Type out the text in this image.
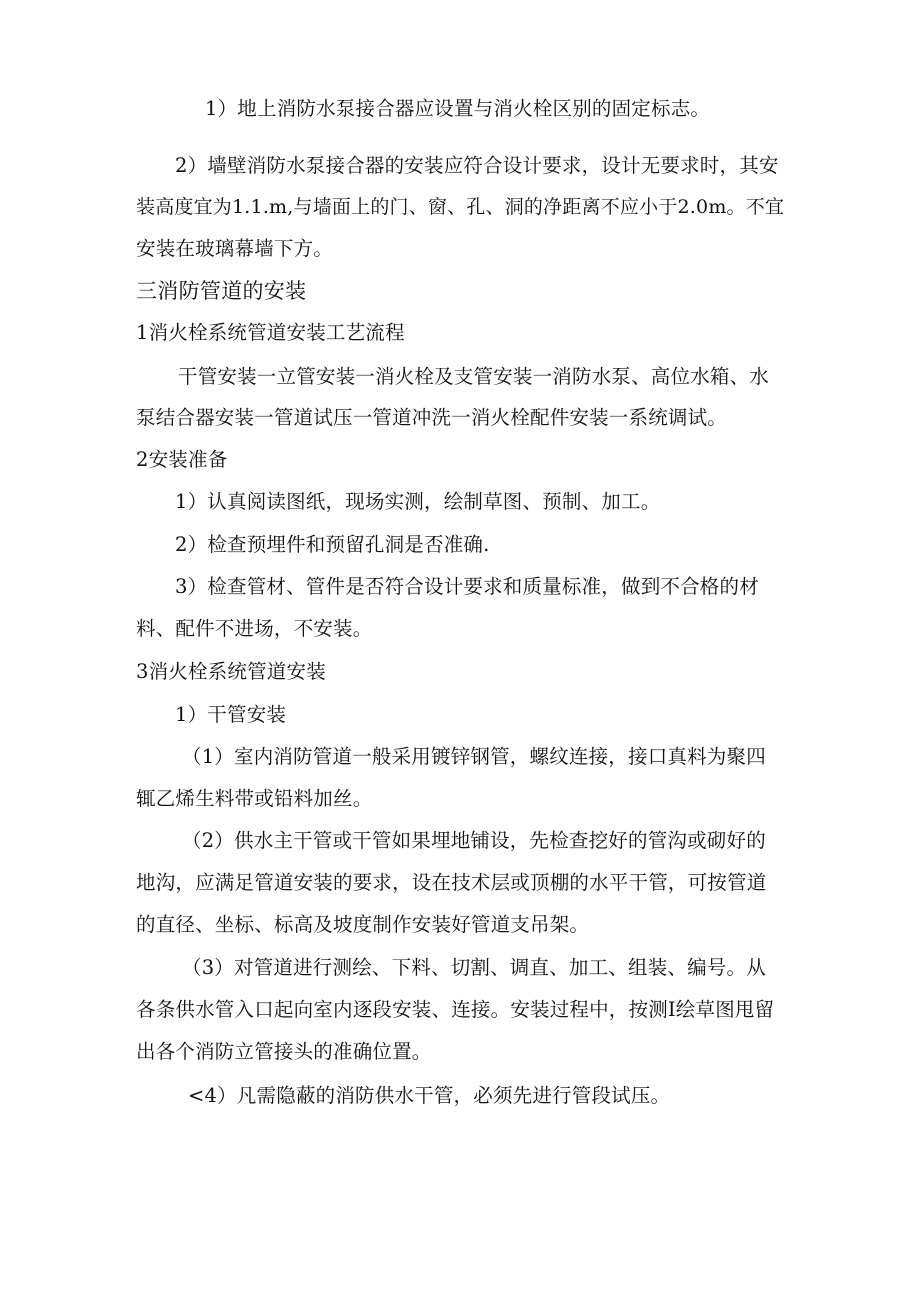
1）地上消防水泵接合器应设置与消火栓区别的固定标志。
2）墙壁消防水泵接合器的安装应符合设计要求，设计无要求时，其安
装高度宜为1.1.m,与墙面上的门、窗、孔、洞的净距离不应小于2.0m。不宜
安装在玻璃幕墙下方。
三消防管道的安装
1消火栓系统管道安装工艺流程
干管安装一立管安装一消火栓及支管安装一消防水泵、高位水箱、水
泵结合器安装一管道试压一管道冲洗一消火栓配件安装一系统调试。
2安装准备
1）认真阅读图纸，现场实测，绘制草图、预制、加工。
2）检查预埋件和预留孔洞是否准确.
3）检查管材、管件是否符合设计要求和质量标准，做到不合格的材
料、配件不进场，不安装。
3消火栓系统管道安装
1）干管安装
（1）室内消防管道一般采用镀锌钢管，螺纹连接，接口真料为聚四
辄乙烯生料带或铅料加丝。
（2）供水主干管或干管如果埋地铺设，先检查挖好的管沟或砌好的
地沟，应满足管道安装的要求，设在技术层或顶棚的水平干管，可按管道
的直径、坐标、标高及坡度制作安装好管道支吊架。
（3）对管道进行测绘、下料、切割、调直、加工、组装、编号。从
各条供水管入口起向室内逐段安装、连接。安装过程中，按测I绘草图甩留
出各个消防立管接头的准确位置。
<4）凡需隐蔽的消防供水干管，必须先进行管段试压。
